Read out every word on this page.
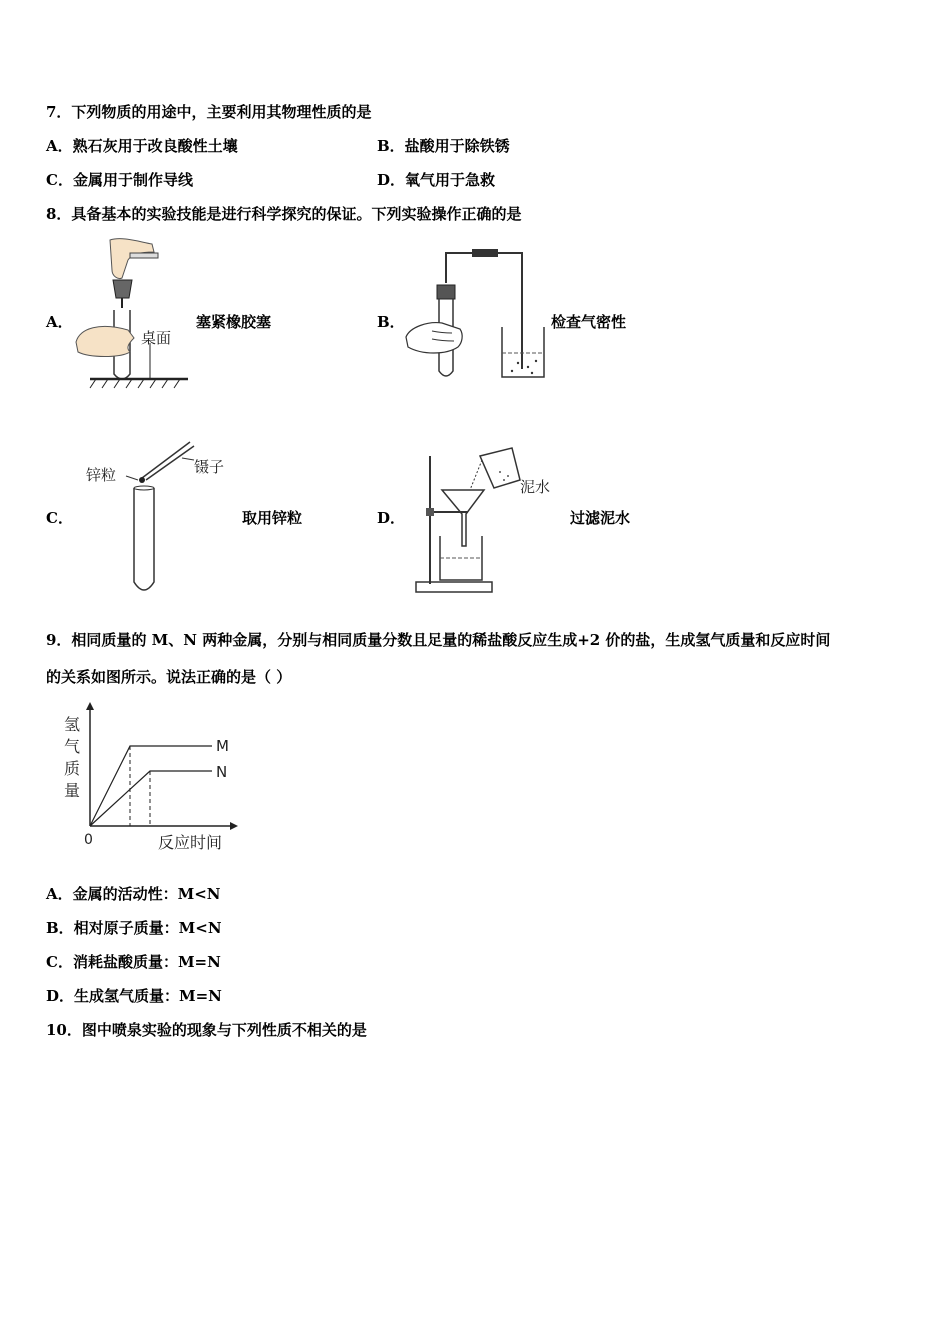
7．下列物质的用途中，主要利用其物理性质的是
A．熟石灰用于改良酸性土壤	B．盐酸用于除铁锈
C．金属用于制作导线	D．氧气用于急救
8．具备基本的实验技能是进行科学探究的保证。下列实验操作正确的是
A．
桌面
塞紧橡胶塞	B．	检查气密性
C．
锌粒	镊子
取用锌粒	D．
泥水
过滤泥水
9．相同质量的 M、N 两种金属，分别与相同质量分数且足量的稀盐酸反应生成+2 价的盐，生成氢气质量和反应时间
的关系如图所示。说法正确的是（ ）
氢
气
质
量
0	反应时间
M
N
A．金属的活动性：M<N
B．相对原子质量：M<N
C．消耗盐酸质量：M=N
D．生成氢气质量：M=N
10．图中喷泉实验的现象与下列性质不相关的是
